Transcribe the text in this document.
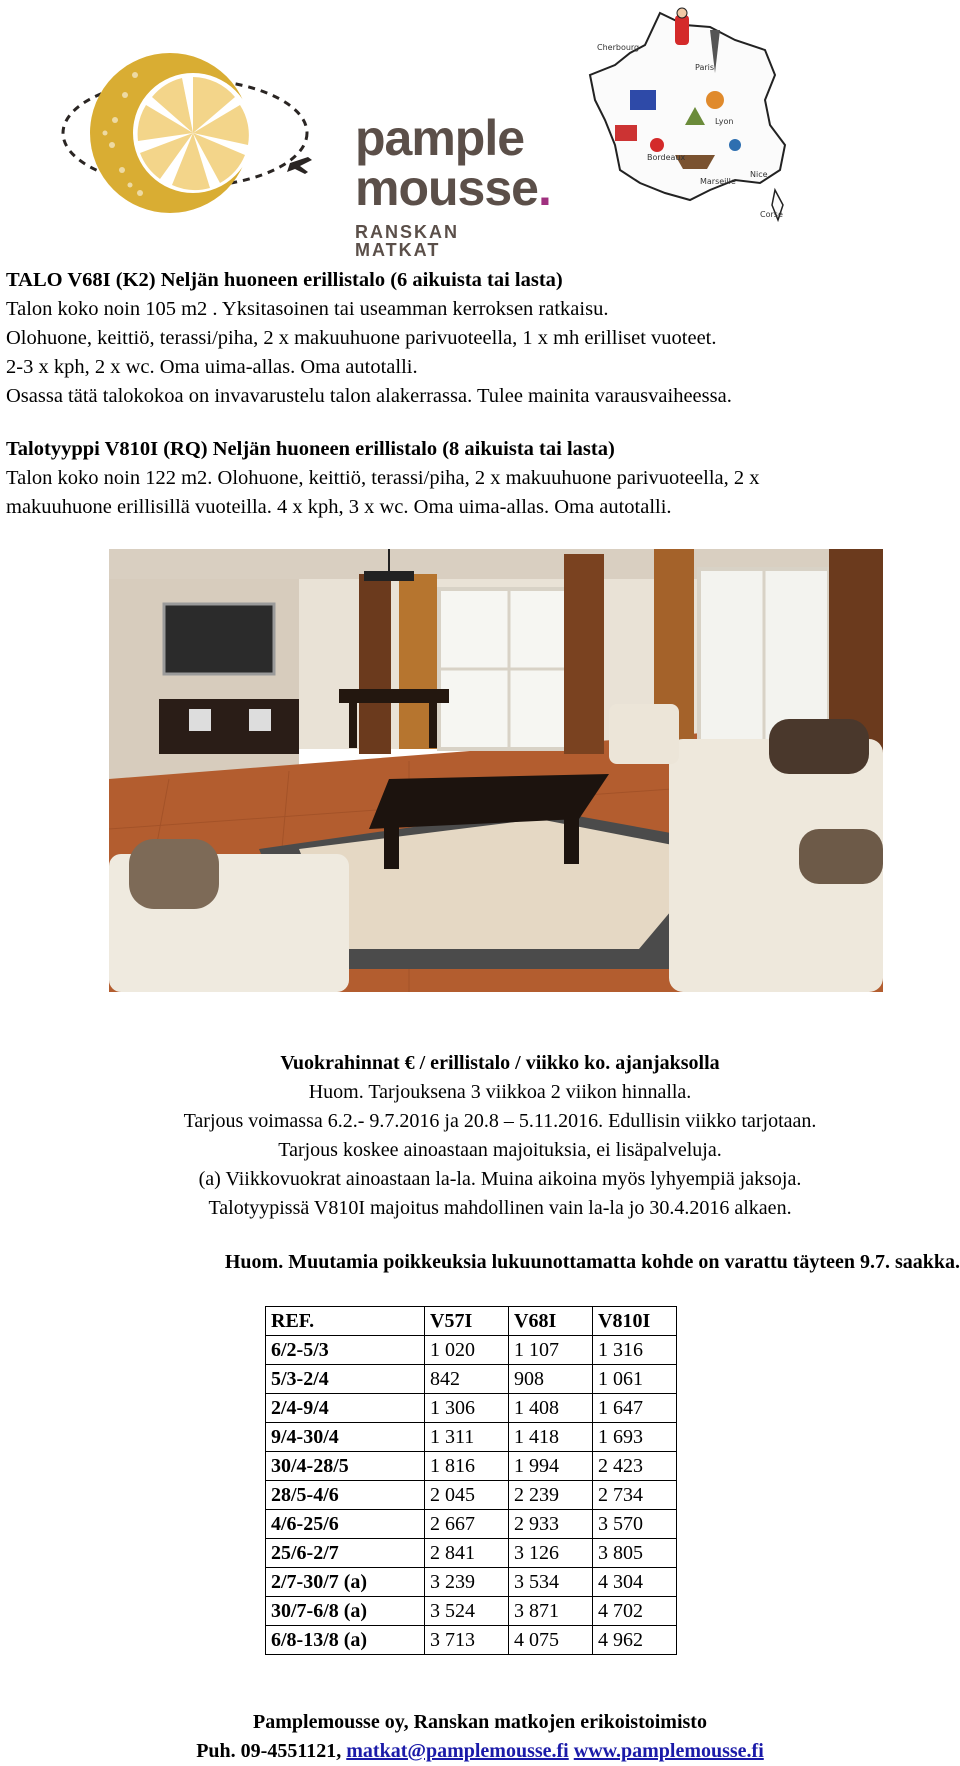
pample
mousse.
RANSKAN MATKAT
Cherbourg
Paris
Lyon
Bordeaux
Marseille
Nice
Corse
TALO V68I (K2) Neljän huoneen erillistalo (6 aikuista tai lasta)
Talon koko noin 105 m2 . Yksitasoinen tai useamman kerroksen ratkaisu.
Olohuone, keittiö, terassi/piha, 2 x makuuhuone parivuoteella, 1 x mh erilliset vuoteet.
2-3 x kph, 2 x wc. Oma uima-allas. Oma autotalli.
Osassa tätä talokokoa on invavarustelu talon alakerrassa. Tulee mainita varausvaiheessa.
Talotyyppi V810I (RQ) Neljän huoneen erillistalo (8 aikuista tai lasta)
Talon koko noin 122 m2. Olohuone, keittiö, terassi/piha, 2 x makuuhuone parivuoteella, 2 x
makuuhuone erillisillä vuoteilla. 4 x kph, 3 x wc. Oma uima-allas. Oma autotalli.
Vuokrahinnat € / erillistalo / viikko ko. ajanjaksolla
Huom. Tarjouksena 3 viikkoa 2 viikon hinnalla.
Tarjous voimassa 6.2.- 9.7.2016 ja 20.8 – 5.11.2016. Edullisin viikko tarjotaan.
Tarjous koskee ainoastaan majoituksia, ei lisäpalveluja.
(a) Viikkovuokrat ainoastaan la-la. Muina aikoina myös lyhyempiä jaksoja.
Talotyypissä V810I majoitus mahdollinen vain la-la jo 30.4.2016 alkaen.
Huom. Muutamia poikkeuksia lukuunottamatta kohde on varattu täyteen 9.7. saakka.
REF.	V57I	V68I	V810I
6/2-5/3	1 020	1 107	1 316
5/3-2/4	842	908	1 061
2/4-9/4	1 306	1 408	1 647
9/4-30/4	1 311	1 418	1 693
30/4-28/5	1 816	1 994	2 423
28/5-4/6	2 045	2 239	2 734
4/6-25/6	2 667	2 933	3 570
25/6-2/7	2 841	3 126	3 805
2/7-30/7 (a)	3 239	3 534	4 304
30/7-6/8 (a)	3 524	3 871	4 702
6/8-13/8 (a)	3 713	4 075	4 962
Pamplemousse oy, Ranskan matkojen erikoistoimisto
Puh. 09-4551121, matkat@pamplemousse.fi www.pamplemousse.fi
